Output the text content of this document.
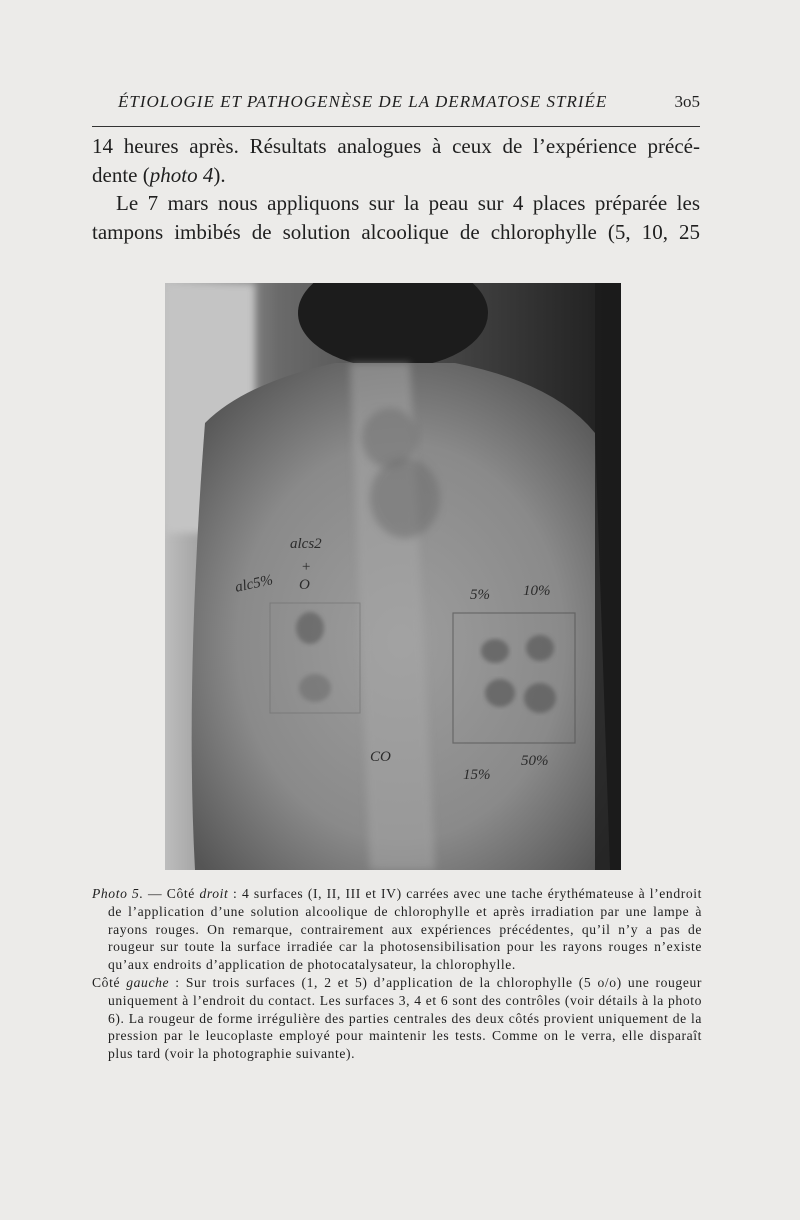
ÉTIOLOGIE ET PATHOGENÈSE DE LA DERMATOSE STRIÉE	3o5

14 heures après. Résultats analogues à ceux de l’expérience précé-

dente (photo 4).

Le 7 mars nous appliquons sur la peau sur 4 places préparée les tampons imbibés de solution alcoolique de chlorophylle (5, 10, 25

alcs2
+
O
alc5%	5% 10%
CO
15%
50%

Photo 5. — Côté droit : 4 surfaces (I, II, III et IV) carrées avec une tache érythémateuse à l’endroit de l’application d’une solution alcoolique de chlorophylle et après irradiation par une lampe à rayons rouges. On remarque, contrairement aux expériences précédentes, qu’il n’y a pas de rougeur sur toute la surface irradiée car la photosensibilisation pour les rayons rouges n’existe qu’aux endroits d’application de photocatalysateur, la chlorophylle.

Côté gauche : Sur trois surfaces (1, 2 et 5) d’application de la chlorophylle (5 o/o) une rougeur uniquement à l’endroit du contact. Les surfaces 3, 4 et 6 sont des contrôles (voir détails à la photo 6). La rougeur de forme irrégulière des parties centrales des deux côtés provient uniquement de la pression par le leucoplaste employé pour maintenir les tests. Comme on le verra, elle disparaît plus tard (voir la photographie suivante).
